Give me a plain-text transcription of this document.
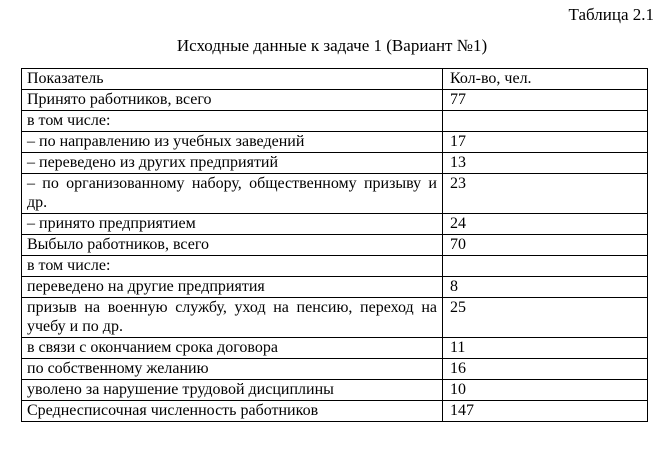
Таблица 2.1
Исходные данные к задаче 1 (Вариант №1)
Показатель	Кол-во, чел.
Принято работников, всего	77
в том числе:	
– по направлению из учебных заведений	17
– переведено из других предприятий	13
– по организованному набору, общественному призыву и др.	23
– принято предприятием	24
Выбыло работников, всего	70
в том числе:	
переведено на другие предприятия	8
призыв на военную службу, уход на пенсию, переход на учебу и по др.	25
в связи с окончанием срока договора	11
по собственному желанию	16
уволено за нарушение трудовой дисциплины	10
Среднесписочная численность работников	147
